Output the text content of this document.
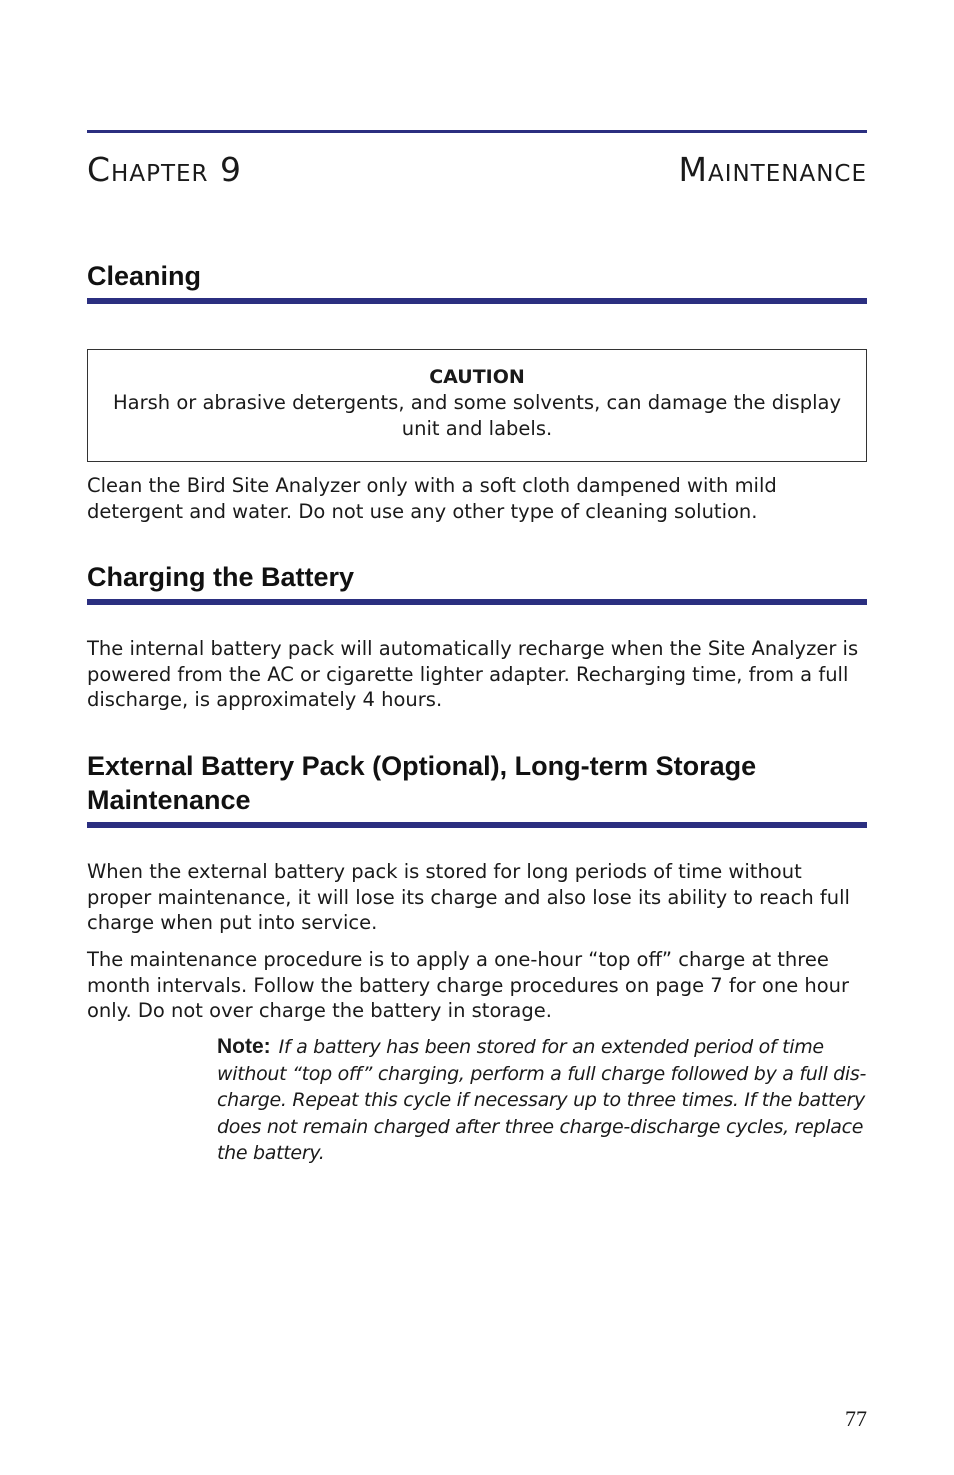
Chapter 9	Maintenance
Cleaning
CAUTION
Harsh or abrasive detergents, and some solvents, can damage the display unit and labels.

Clean the Bird Site Analyzer only with a soft cloth dampened with mild detergent and water. Do not use any other type of cleaning solution.

Charging the Battery

The internal battery pack will automatically recharge when the Site Analyzer is powered from the AC or cigarette lighter adapter. Recharging time, from a full discharge, is approximately 4 hours.

External Battery Pack (Optional), Long-term Storage
Maintenance

When the external battery pack is stored for long periods of time without proper maintenance, it will lose its charge and also lose its ability to reach full charge when put into service.

The maintenance procedure is to apply a one-hour “top off” charge at three month intervals. Follow the battery charge procedures on page 7 for one hour only. Do not over charge the battery in storage.

Note: If a battery has been stored for an extended period of time without “top off” charging, perform a full charge followed by a full dis-charge. Repeat this cycle if necessary up to three times. If the battery does not remain charged after three charge-discharge cycles, replace the battery.
77
